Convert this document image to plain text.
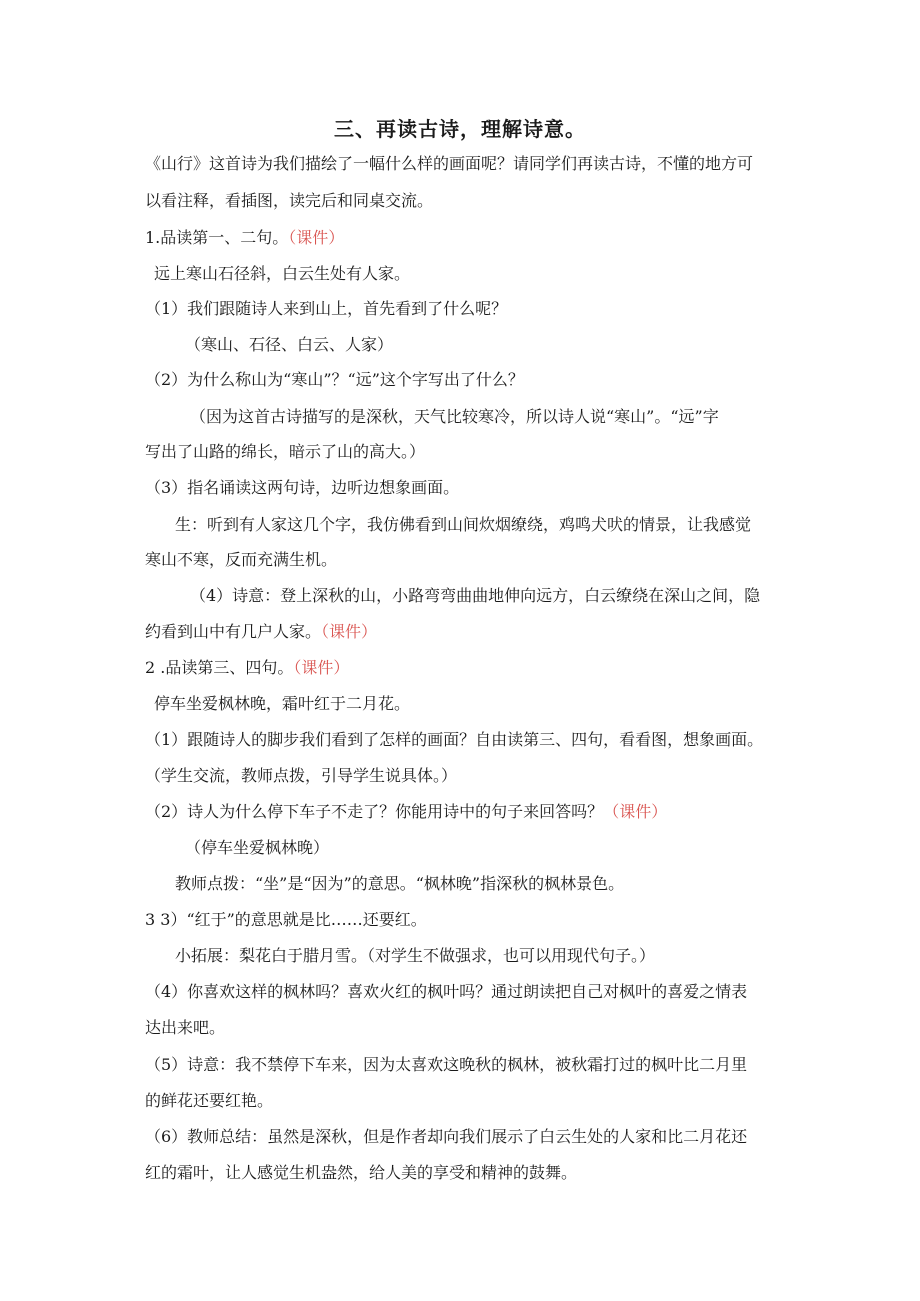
三、再读古诗，理解诗意。
《山行》这首诗为我们描绘了一幅什么样的画面呢？请同学们再读古诗，不懂的地方可
以看注释，看插图，读完后和同桌交流。
1.品读第一、二句。（课件）
远上寒山石径斜，白云生处有人家。
（1）我们跟随诗人来到山上，首先看到了什么呢？
（寒山、石径、白云、人家）
（2）为什么称山为“寒山”？“远”这个字写出了什么？
（因为这首古诗描写的是深秋，天气比较寒冷，所以诗人说“寒山”。“远”字
写出了山路的绵长，暗示了山的高大。）
（3）指名诵读这两句诗，边听边想象画面。
生：听到有人家这几个字，我仿佛看到山间炊烟缭绕，鸡鸣犬吠的情景，让我感觉
寒山不寒，反而充满生机。
（4）诗意：登上深秋的山，小路弯弯曲曲地伸向远方，白云缭绕在深山之间，隐
约看到山中有几户人家。（课件）
2 .品读第三、四句。（课件）
停车坐爱枫林晚，霜叶红于二月花。
（1）跟随诗人的脚步我们看到了怎样的画面？自由读第三、四句，看看图，想象画面。
（学生交流，教师点拨，引导学生说具体。）
（2）诗人为什么停下车子不走了？你能用诗中的句子来回答吗？（课件）
（停车坐爱枫林晚）
教师点拨：“坐”是“因为”的意思。“枫林晚”指深秋的枫林景色。
3 3）“红于”的意思就是比……还要红。
小拓展：梨花白于腊月雪。（对学生不做强求，也可以用现代句子。）
（4）你喜欢这样的枫林吗？喜欢火红的枫叶吗？通过朗读把自己对枫叶的喜爱之情表
达出来吧。
（5）诗意：我不禁停下车来，因为太喜欢这晚秋的枫林，被秋霜打过的枫叶比二月里
的鲜花还要红艳。
（6）教师总结：虽然是深秋，但是作者却向我们展示了白云生处的人家和比二月花还
红的霜叶，让人感觉生机盎然，给人美的享受和精神的鼓舞。
